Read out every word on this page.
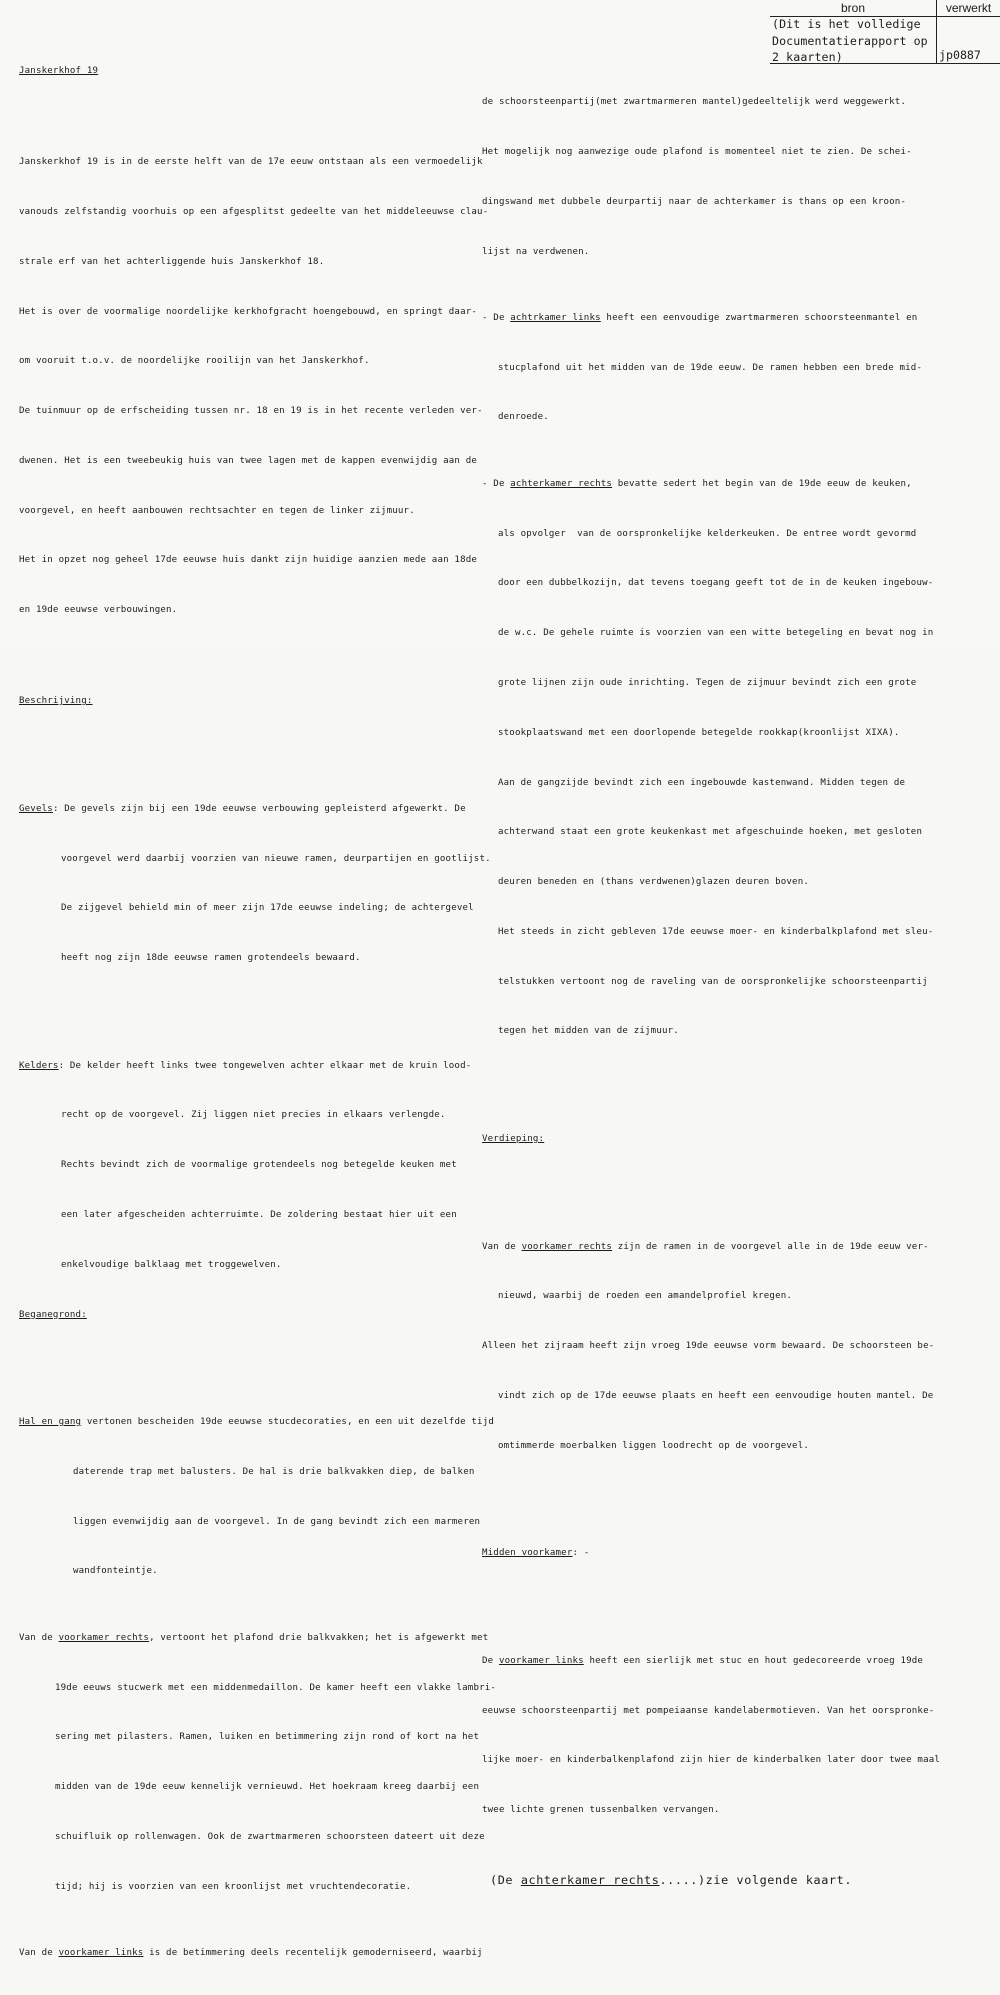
bron	verwerkt
(Dit is het volledige
Documentatierapport op
2 kaarten)	jp0887

Janskerkhof 19

Janskerkhof 19 is in de eerste helft van de 17e eeuw ontstaan als een vermoedelijk

vanouds zelfstandig voorhuis op een afgesplitst gedeelte van het middeleeuwse clau-

strale erf van het achterliggende huis Janskerkhof 18.

Het is over de voormalige noordelijke kerkhofgracht hoengebouwd, en springt daar-

om vooruit t.o.v. de noordelijke rooilijn van het Janskerkhof.

De tuinmuur op de erfscheiding tussen nr. 18 en 19 is in het recente verleden ver-

dwenen. Het is een tweebeukig huis van twee lagen met de kappen evenwijdig aan de

voorgevel, en heeft aanbouwen rechtsachter en tegen de linker zijmuur.

Het in opzet nog geheel 17de eeuwse huis dankt zijn huidige aanzien mede aan 18de

en 19de eeuwse verbouwingen.

Beschrijving:

Gevels: De gevels zijn bij een 19de eeuwse verbouwing gepleisterd afgewerkt. De

voorgevel werd daarbij voorzien van nieuwe ramen, deurpartijen en gootlijst.

De zijgevel behield min of meer zijn 17de eeuwse indeling; de achtergevel

heeft nog zijn 18de eeuwse ramen grotendeels bewaard.

Kelders: De kelder heeft links twee tongewelven achter elkaar met de kruin lood-

recht op de voorgevel. Zij liggen niet precies in elkaars verlengde.

Rechts bevindt zich de voormalige grotendeels nog betegelde keuken met

een later afgescheiden achterruimte. De zoldering bestaat hier uit een

enkelvoudige balklaag met troggewelven.

Beganegrond:

Hal en gang vertonen bescheiden 19de eeuwse stucdecoraties, en een uit dezelfde tijd

daterende trap met balusters. De hal is drie balkvakken diep, de balken

liggen evenwijdig aan de voorgevel. In de gang bevindt zich een marmeren

wandfonteintje.

Van de voorkamer rechts, vertoont het plafond drie balkvakken; het is afgewerkt met

19de eeuws stucwerk met een middenmedaillon. De kamer heeft een vlakke lambri-

sering met pilasters. Ramen, luiken en betimmering zijn rond of kort na het

midden van de 19de eeuw kennelijk vernieuwd. Het hoekraam kreeg daarbij een

schuifluik op rollenwagen. Ook de zwartmarmeren schoorsteen dateert uit deze

tijd; hij is voorzien van een kroonlijst met vruchtendecoratie.

Van de voorkamer links is de betimmering deels recentelijk gemoderniseerd, waarbij

de schoorsteenpartij(met zwartmarmeren mantel)gedeeltelijk werd weggewerkt.

Het mogelijk nog aanwezige oude plafond is momenteel niet te zien. De schei-

dingswand met dubbele deurpartij naar de achterkamer is thans op een kroon-

lijst na verdwenen.

- De achtrkamer links heeft een eenvoudige zwartmarmeren schoorsteenmantel en

stucplafond uit het midden van de 19de eeuw. De ramen hebben een brede mid-

denroede.

- De achterkamer rechts bevatte sedert het begin van de 19de eeuw de keuken,

als opvolger  van de oorspronkelijke kelderkeuken. De entree wordt gevormd

door een dubbelkozijn, dat tevens toegang geeft tot de in de keuken ingebouw-

de w.c. De gehele ruimte is voorzien van een witte betegeling en bevat nog in

grote lijnen zijn oude inrichting. Tegen de zijmuur bevindt zich een grote

stookplaatswand met een doorlopende betegelde rookkap(kroonlijst XIXA).

Aan de gangzijde bevindt zich een ingebouwde kastenwand. Midden tegen de

achterwand staat een grote keukenkast met afgeschuinde hoeken, met gesloten

deuren beneden en (thans verdwenen)glazen deuren boven.

Het steeds in zicht gebleven 17de eeuwse moer- en kinderbalkplafond met sleu-

telstukken vertoont nog de raveling van de oorspronkelijke schoorsteenpartij

tegen het midden van de zijmuur.

Verdieping:

Van de voorkamer rechts zijn de ramen in de voorgevel alle in de 19de eeuw ver-

nieuwd, waarbij de roeden een amandelprofiel kregen.

Alleen het zijraam heeft zijn vroeg 19de eeuwse vorm bewaard. De schoorsteen be-

vindt zich op de 17de eeuwse plaats en heeft een eenvoudige houten mantel. De

omtimmerde moerbalken liggen loodrecht op de voorgevel.

Midden voorkamer: -

De voorkamer links heeft een sierlijk met stuc en hout gedecoreerde vroeg 19de

eeuwse schoorsteenpartij met pompeiaanse kandelabermotieven. Van het oorspronke-

lijke moer- en kinderbalkenplafond zijn hier de kinderbalken later door twee maal

twee lichte grenen tussenbalken vervangen.

(De achterkamer rechts.....)zie volgende kaart.
